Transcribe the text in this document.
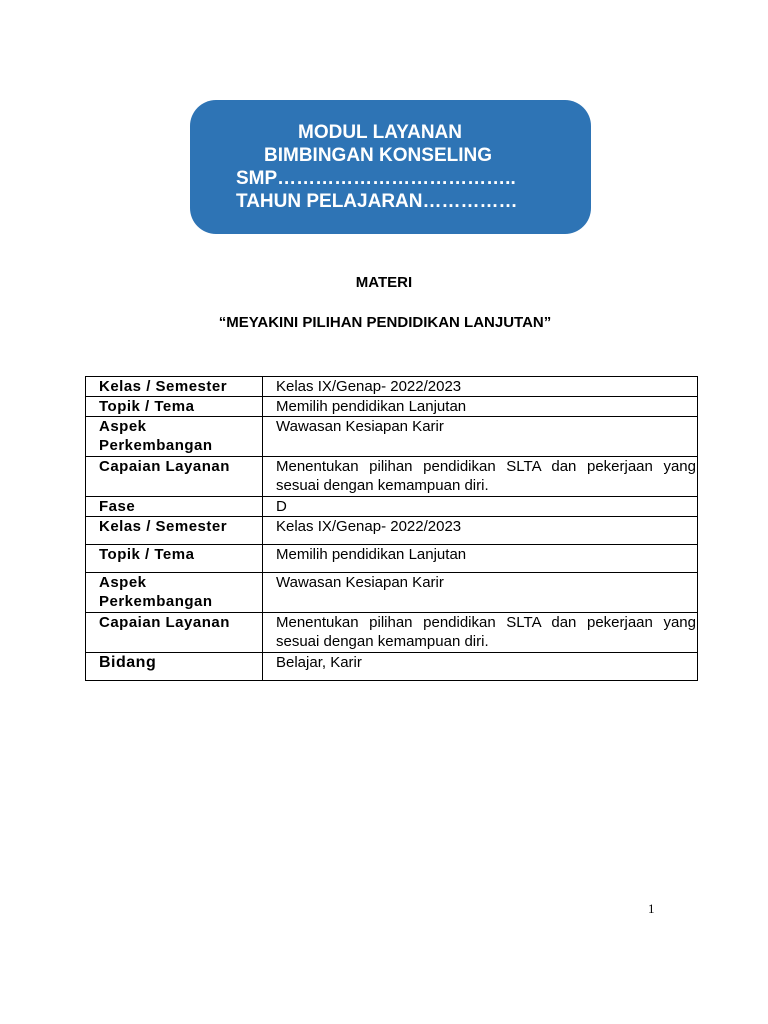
MODUL LAYANAN
BIMBINGAN KONSELING
SMP………………………………..
TAHUN PELAJARAN……………
MATERI
“MEYAKINI PILIHAN PENDIDIKAN LANJUTAN”
Kelas / Semester	Kelas IX/Genap- 2022/2023
Topik / Tema	Memilih pendidikan Lanjutan
Aspek Perkembangan	Wawasan Kesiapan Karir
Capaian Layanan	Menentukan pilihan pendidikan SLTA dan pekerjaan yang sesuai dengan kemampuan diri.
Fase	D
Kelas / Semester	Kelas IX/Genap- 2022/2023
Topik / Tema	Memilih pendidikan Lanjutan
Aspek Perkembangan	Wawasan Kesiapan Karir
Capaian Layanan	Menentukan pilihan pendidikan SLTA dan pekerjaan yang sesuai dengan kemampuan diri.
Bidang	Belajar, Karir
1
